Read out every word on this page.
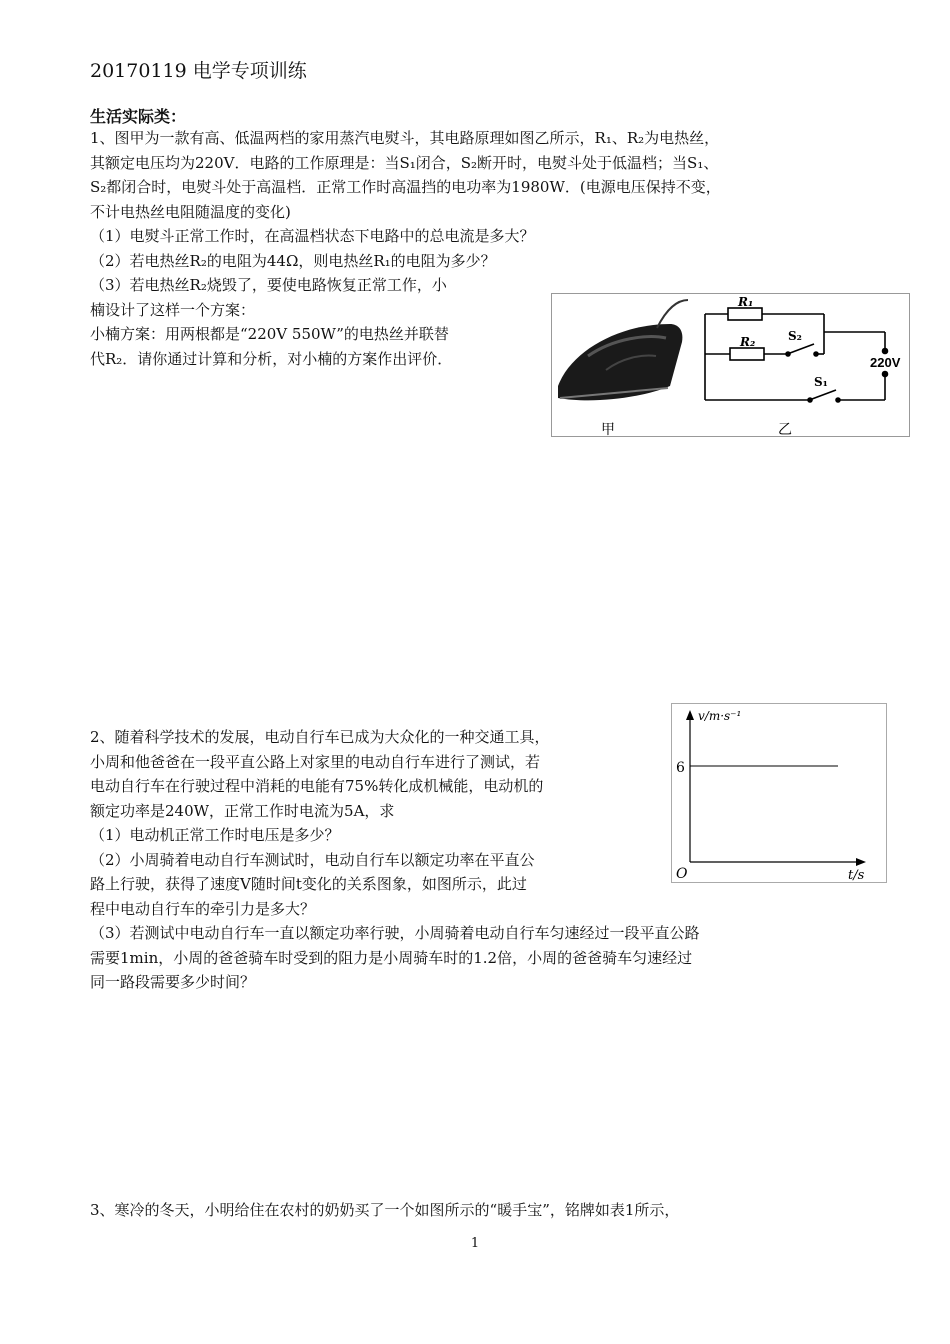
20170119 电学专项训练
生活实际类：
1、图甲为一款有高、低温两档的家用蒸汽电熨斗，其电路原理如图乙所示，R₁、R₂为电热丝，
其额定电压均为220V．电路的工作原理是：当S₁闭合，S₂断开时，电熨斗处于低温档；当S₁、
S₂都闭合时，电熨斗处于高温档．正常工作时高温挡的电功率为1980W．(电源电压保持不变，
不计电热丝电阻随温度的变化)
（1）电熨斗正常工作时，在高温档状态下电路中的总电流是多大？
（2）若电热丝R₂的电阻为44Ω，则电热丝R₁的电阻为多少？
（3）若电热丝R₂烧毁了，要使电路恢复正常工作，小
楠设计了这样一个方案：
小楠方案：用两根都是“220V 550W”的电热丝并联替
代R₂．请你通过计算和分析，对小楠的方案作出评价．
甲
R₁
R₂	S₂
S₁
220V
乙
2、随着科学技术的发展，电动自行车已成为大众化的一种交通工具，
小周和他爸爸在一段平直公路上对家里的电动自行车进行了测试，若
电动自行车在行驶过程中消耗的电能有75%转化成机械能，电动机的
额定功率是240W，正常工作时电流为5A，求
（1）电动机正常工作时电压是多少？
（2）小周骑着电动自行车测试时，电动自行车以额定功率在平直公
路上行驶，获得了速度V随时间t变化的关系图象，如图所示，此过
程中电动自行车的牵引力是多大？
（3）若测试中电动自行车一直以额定功率行驶，小周骑着电动自行车匀速经过一段平直公路
需要1min，小周的爸爸骑车时受到的阻力是小周骑车时的1.2倍，小周的爸爸骑车匀速经过
同一路段需要多少时间？
v/m·s⁻¹
t/s
O
6
3、寒冷的冬天，小明给住在农村的奶奶买了一个如图所示的“暖手宝”，铭牌如表1所示，
1
